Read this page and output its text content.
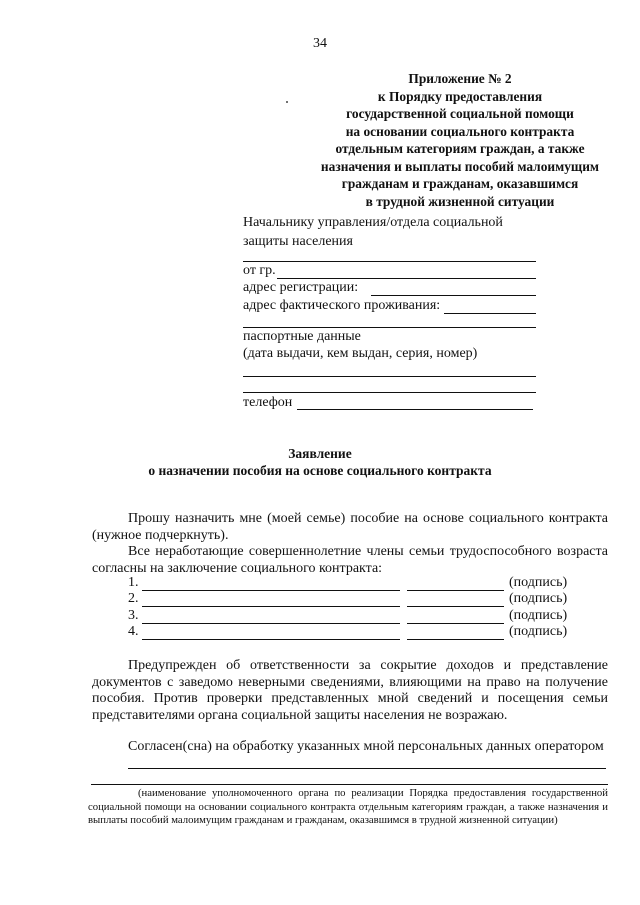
34
Приложение № 2
к Порядку предоставления
государственной социальной помощи
на основании социального контракта
отдельным категориям граждан, а также
назначения и выплаты пособий малоимущим
гражданам и гражданам, оказавшимся
в трудной жизненной ситуации
Начальнику управления/отдела социальной
защиты населения
от гр.
адрес регистрации:
адрес фактического проживания:
паспортные данные
(дата выдачи, кем выдан, серия, номер)
телефон
Заявление
о назначении пособия на основе социального контракта
Прошу назначить мне (моей семье) пособие на основе социального контракта (нужное подчеркнуть).
Все неработающие совершеннолетние члены семьи трудоспособного возраста согласны на заключение социального контракта:
1.	(подпись)
2.	(подпись)
3.	(подпись)
4.	(подпись)
Предупрежден об ответственности за сокрытие доходов и представление документов с заведомо неверными сведениями, влияющими на право на получение пособия. Против проверки представленных мной сведений и посещения семьи представителями органа социальной защиты населения не возражаю.
Согласен(сна) на обработку указанных мной персональных данных оператором
(наименование уполномоченного органа по реализации Порядка предоставления государственной социальной помощи на основании социального контракта отдельным категориям граждан, а также назначения и выплаты пособий малоимущим гражданам и гражданам, оказавшимся в трудной жизненной ситуации)
